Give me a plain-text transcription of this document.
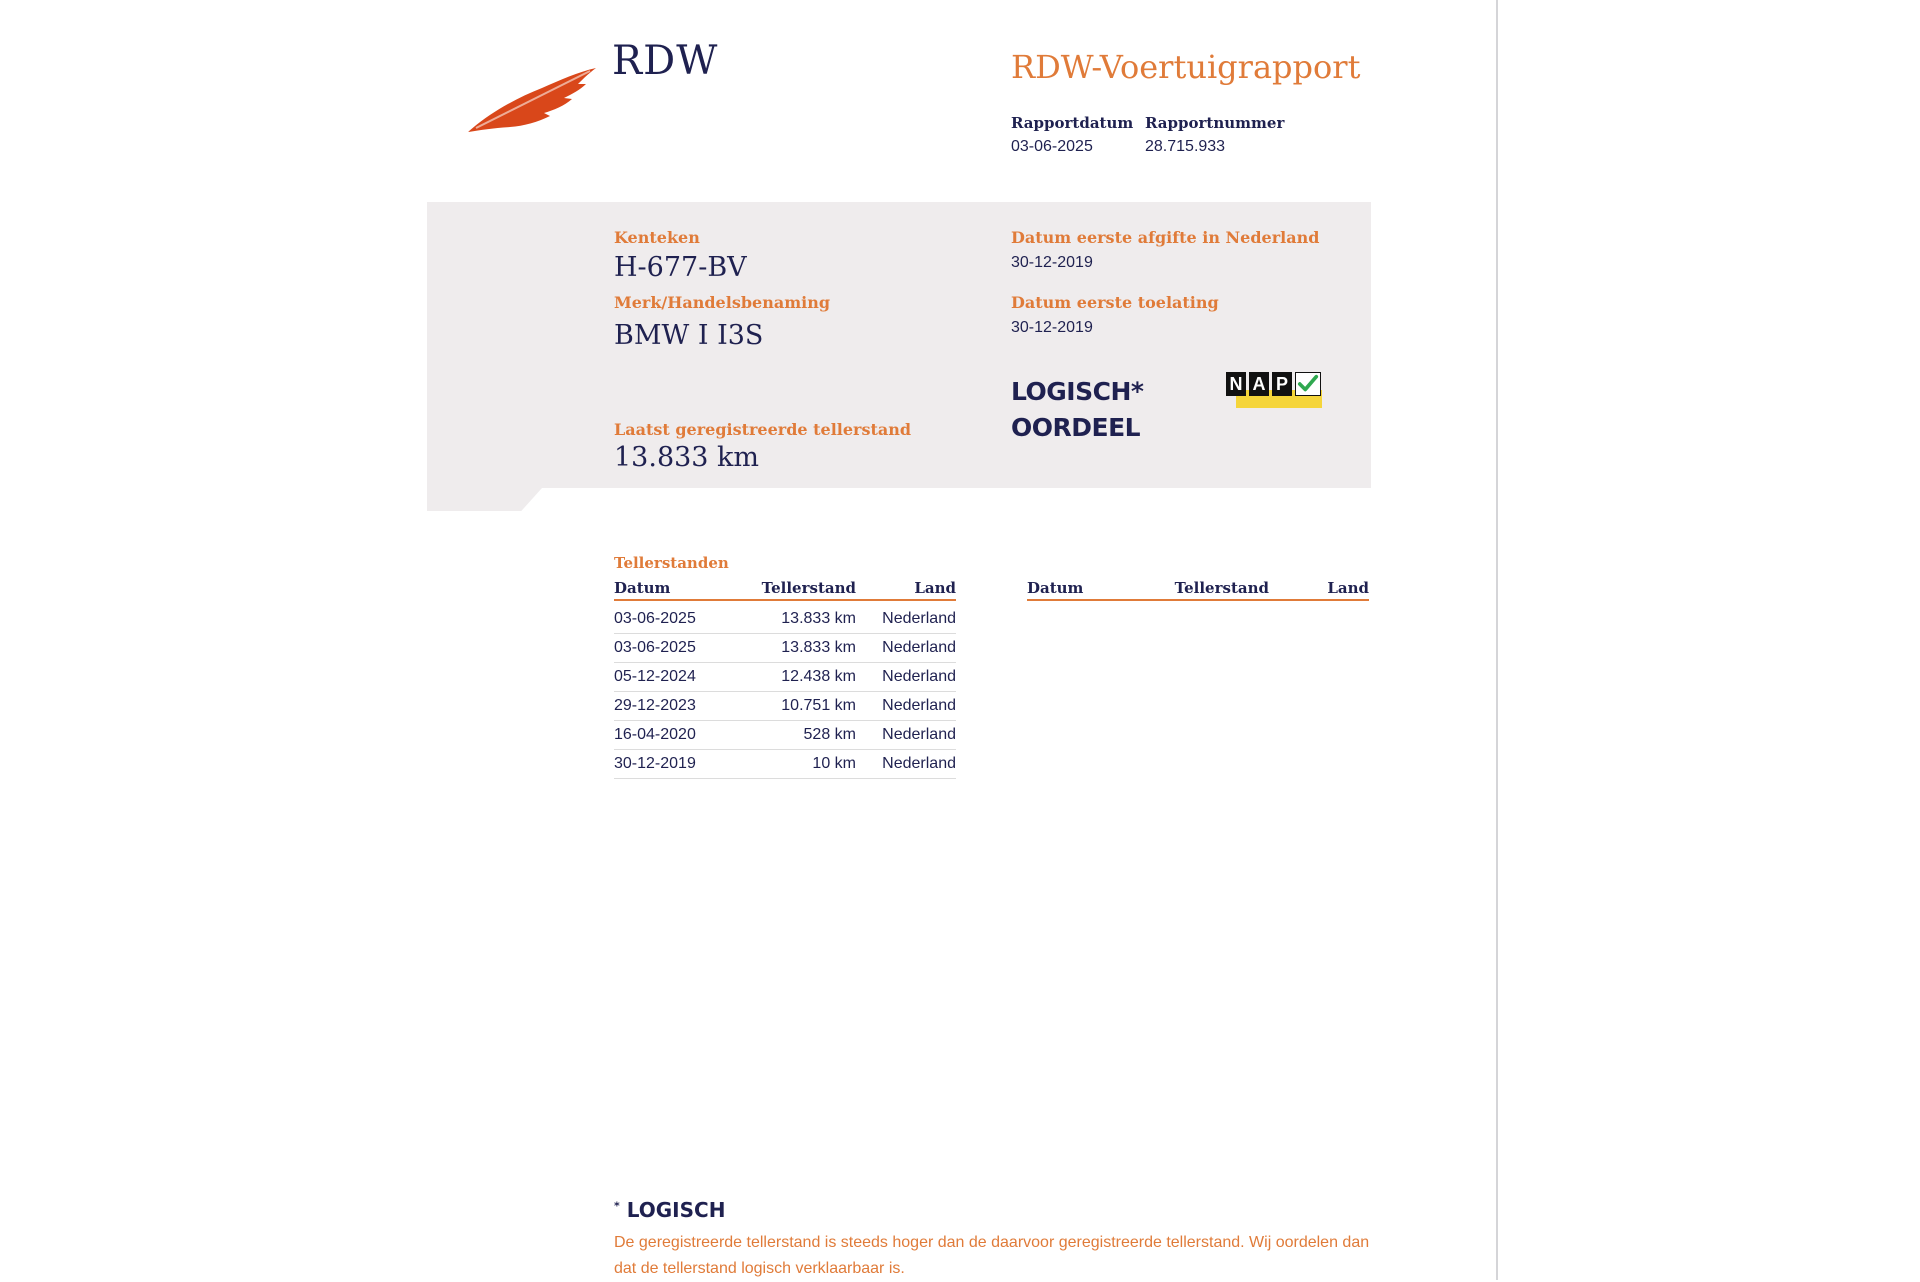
RDW	RDW-Voertuigrapport
Rapportdatum
03-06-2025
Rapportnummer
28.715.933
Kenteken
H-677-BV
Merk/Handelsbenaming
BMW I I3S
Laatst geregistreerde tellerstand
13.833 km
Datum eerste afgifte in Nederland
30-12-2019
Datum eerste toelating
30-12-2019
LOGISCH*
OORDEEL
N A P
Tellerstanden
Datum	Tellerstand	Land
03-06-2025	13.833 km	Nederland
03-06-2025	13.833 km	Nederland
05-12-2024	12.438 km	Nederland
29-12-2023	10.751 km	Nederland
16-04-2020	528 km	Nederland
30-12-2019	10 km	Nederland
Datum	Tellerstand	Land
* LOGISCH
De geregistreerde tellerstand is steeds hoger dan de daarvoor geregistreerde tellerstand. Wij oordelen dan dat de tellerstand logisch verklaarbaar is.
